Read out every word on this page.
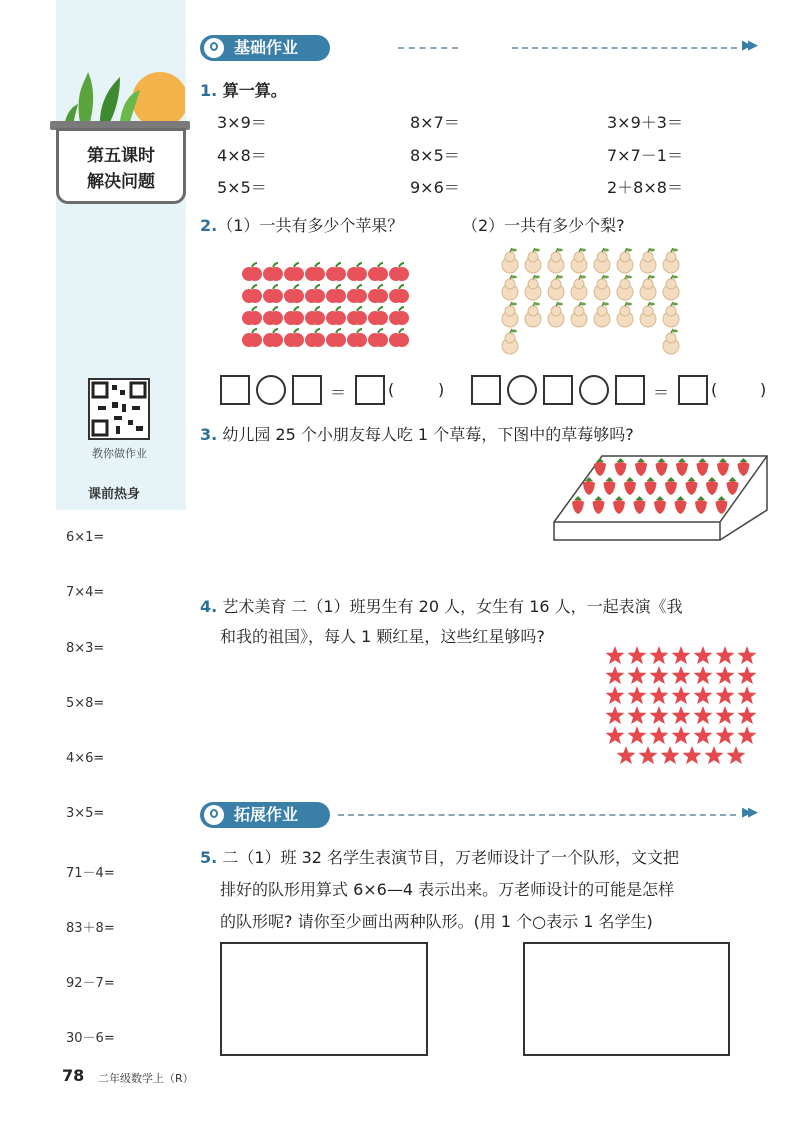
第五课时
解决问题
教你做作业
课前热身
6×1=
7×4=
8×3=
5×8=
4×6=
3×5=
71－4=
83＋8=
92－7=
30－6=
基础作业	▶▶
1. 算一算。
3×9＝	8×7＝	3×9＋3＝
4×8＝	8×5＝	7×7－1＝
5×5＝	9×6＝	2＋8×8＝
2.（1）一共有多少个苹果？	（2）一共有多少个梨?
＝	(	)	＝	(	)
3. 幼儿园 25 个小朋友每人吃 1 个草莓，下图中的草莓够吗?
4. 艺术美育 二（1）班男生有 20 人，女生有 16 人，一起表演《我
和我的祖国》，每人 1 颗红星，这些红星够吗?
拓展作业	▶▶
5. 二（1）班 32 名学生表演节目，万老师设计了一个队形，文文把
排好的队形用算式 6×6—4 表示出来。万老师设计的可能是怎样
的队形呢? 请你至少画出两种队形。(用 1 个○表示 1 名学生)
78 二年级数学上（R）
